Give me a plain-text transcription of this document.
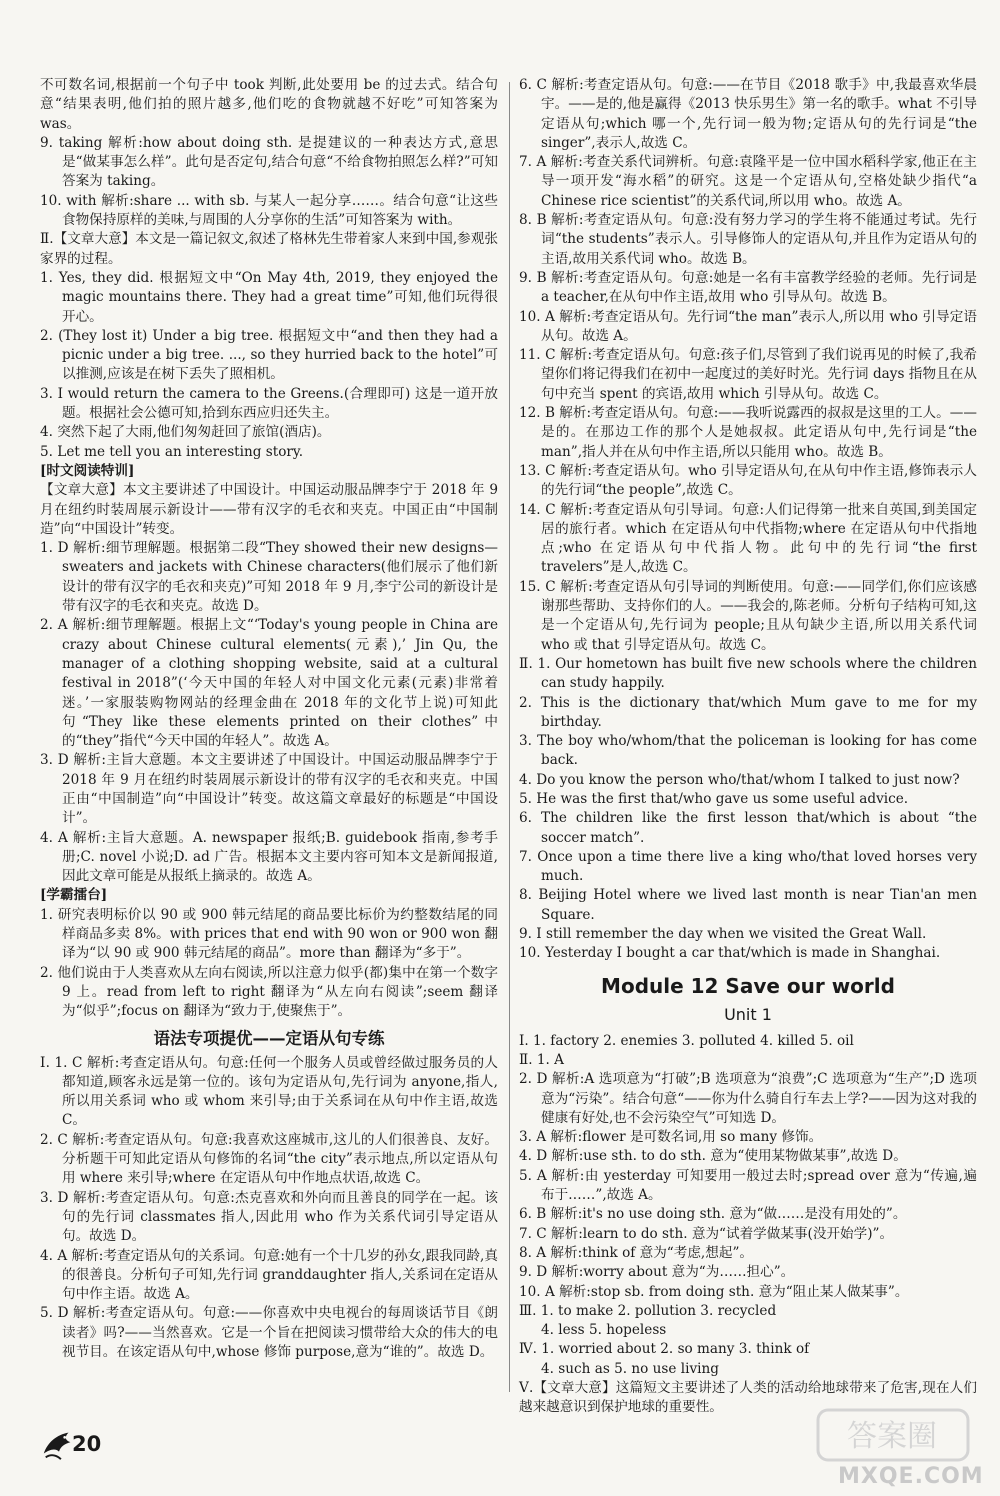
不可数名词,根据前一个句子中 took 判断,此处要用 be 的过去式。结合句意“结果表明,他们拍的照片越多,他们吃的食物就越不好吃”可知答案为 was。
9. taking 解析:how about doing sth. 是提建议的一种表达方式,意思是“做某事怎么样”。此句是否定句,结合句意“不给食物拍照怎么样?”可知答案为 taking。
10. with 解析:share ... with sb. 与某人一起分享……。结合句意“让这些食物保持原样的美味,与周围的人分享你的生活”可知答案为 with。
Ⅱ.【文章大意】本文是一篇记叙文,叙述了格林先生带着家人来到中国,参观张家界的过程。
1. Yes, they did. 根据短文中“On May 4th, 2019, they enjoyed the magic mountains there. They had a great time”可知,他们玩得很开心。
2. (They lost it) Under a big tree. 根据短文中“and then they had a picnic under a big tree. ..., so they hurried back to the hotel”可以推测,应该是在树下丢失了照相机。
3. I would return the camera to the Greens.(合理即可) 这是一道开放题。根据社会公德可知,拾到东西应归还失主。
4. 突然下起了大雨,他们匆匆赶回了旅馆(酒店)。
5. Let me tell you an interesting story.
[时文阅读特训]
【文章大意】本文主要讲述了中国设计。中国运动服品牌李宁于 2018 年 9 月在纽约时装周展示新设计——带有汉字的毛衣和夹克。中国正由“中国制造”向“中国设计”转变。
1. D 解析:细节理解题。根据第二段“They showed their new designs—sweaters and jackets with Chinese characters(他们展示了他们新设计的带有汉字的毛衣和夹克)”可知 2018 年 9 月,李宁公司的新设计是带有汉字的毛衣和夹克。故选 D。
2. A 解析:细节理解题。根据上文“‘Today's young people in China are crazy about Chinese cultural elements(元素),’ Jin Qu, the manager of a clothing shopping website, said at a cultural festival in 2018”(‘今天中国的年轻人对中国文化元素(元素)非常着迷。’一家服装购物网站的经理金曲在 2018 年的文化节上说)可知此句“They like these elements printed on their clothes”中的“they”指代“今天中国的年轻人”。故选 A。
3. D 解析:主旨大意题。本文主要讲述了中国设计。中国运动服品牌李宁于 2018 年 9 月在纽约时装周展示新设计的带有汉字的毛衣和夹克。中国正由“中国制造”向“中国设计”转变。故这篇文章最好的标题是“中国设计”。
4. A 解析:主旨大意题。A. newspaper 报纸;B. guidebook 指南,参考手册;C. novel 小说;D. ad 广告。根据本文主要内容可知本文是新闻报道,因此文章可能是从报纸上摘录的。故选 A。
[学霸擂台]
1. 研究表明标价以 90 或 900 韩元结尾的商品要比标价为约整数结尾的同样商品多卖 8%。with prices that end with 90 won or 900 won 翻译为“以 90 或 900 韩元结尾的商品”。more than 翻译为“多于”。
2. 他们说由于人类喜欢从左向右阅读,所以注意力似乎(都)集中在第一个数字 9 上。read from left to right 翻译为“从左向右阅读”;seem 翻译为“似乎”;focus on 翻译为“致力于,使聚焦于”。
语法专项提优——定语从句专练
Ⅰ. 1. C 解析:考查定语从句。句意:任何一个服务人员或曾经做过服务员的人都知道,顾客永远是第一位的。该句为定语从句,先行词为 anyone,指人,所以用关系词 who 或 whom 来引导;由于关系词在从句中作主语,故选 C。
2. C 解析:考查定语从句。句意:我喜欢这座城市,这儿的人们很善良、友好。分析题干可知此定语从句修饰的名词“the city”表示地点,所以定语从句用 where 来引导;where 在定语从句中作地点状语,故选 C。
3. D 解析:考查定语从句。句意:杰克喜欢和外向而且善良的同学在一起。该句的先行词 classmates 指人,因此用 who 作为关系代词引导定语从句。故选 D。
4. A 解析:考查定语从句的关系词。句意:她有一个十几岁的孙女,跟我同龄,真的很善良。分析句子可知,先行词 granddaughter 指人,关系词在定语从句中作主语。故选 A。
5. D 解析:考查定语从句。句意:——你喜欢中央电视台的每周谈话节目《朗读者》吗?——当然喜欢。它是一个旨在把阅读习惯带给大众的伟大的电视节目。在该定语从句中,whose 修饰 purpose,意为“谁的”。故选 D。
6. C 解析:考查定语从句。句意:——在节目《2018 歌手》中,我最喜欢华晨宇。——是的,他是赢得《2013 快乐男生》第一名的歌手。what 不引导定语从句;which 哪一个,先行词一般为物;定语从句的先行词是“the singer”,表示人,故选 C。
7. A 解析:考查关系代词辨析。句意:袁隆平是一位中国水稻科学家,他正在主导一项开发“海水稻”的研究。这是一个定语从句,空格处缺少指代“a Chinese rice scientist”的关系代词,所以用 who。故选 A。
8. B 解析:考查定语从句。句意:没有努力学习的学生将不能通过考试。先行词“the students”表示人。引导修饰人的定语从句,并且作为定语从句的主语,故用关系代词 who。故选 B。
9. B 解析:考查定语从句。句意:她是一名有丰富教学经验的老师。先行词是 a teacher,在从句中作主语,故用 who 引导从句。故选 B。
10. A 解析:考查定语从句。先行词“the man”表示人,所以用 who 引导定语从句。故选 A。
11. C 解析:考查定语从句。句意:孩子们,尽管到了我们说再见的时候了,我希望你们将记得我们在初中一起度过的美好时光。先行词 days 指物且在从句中充当 spent 的宾语,故用 which 引导从句。故选 C。
12. B 解析:考查定语从句。句意:——我听说露西的叔叔是这里的工人。——是的。在那边工作的那个人是她叔叔。此定语从句中,先行词是“the man”,指人并在从句中作主语,所以只能用 who。故选 B。
13. C 解析:考查定语从句。who 引导定语从句,在从句中作主语,修饰表示人的先行词“the people”,故选 C。
14. C 解析:考查定语从句引导词。句意:人们记得第一批来自英国,到美国定居的旅行者。which 在定语从句中代指物;where 在定语从句中代指地点;who 在定语从句中代指人物。此句中的先行词“the first travelers”是人,故选 C。
15. C 解析:考查定语从句引导词的判断使用。句意:——同学们,你们应该感谢那些帮助、支持你们的人。——我会的,陈老师。分析句子结构可知,这是一个定语从句,先行词为 people;且从句缺少主语,所以用关系代词 who 或 that 引导定语从句。故选 C。
Ⅱ. 1. Our hometown has built five new schools where the children can study happily.
2. This is the dictionary that/which Mum gave to me for my birthday.
3. The boy who/whom/that the policeman is looking for has come back.
4. Do you know the person who/that/whom I talked to just now?
5. He was the first that/who gave us some useful advice.
6. The children like the first lesson that/which is about “the soccer match”.
7. Once upon a time there live a king who/that loved horses very much.
8. Beijing Hotel where we lived last month is near Tian'an men Square.
9. I still remember the day when we visited the Great Wall.
10. Yesterday I bought a car that/which is made in Shanghai.
Module 12 Save our world
Unit 1
Ⅰ. 1. factory 2. enemies 3. polluted 4. killed 5. oil
Ⅱ. 1. A
2. D 解析:A 选项意为“打破”;B 选项意为“浪费”;C 选项意为“生产”;D 选项意为“污染”。结合句意“——你为什么骑自行车去上学?——因为这对我的健康有好处,也不会污染空气”可知选 D。
3. A 解析:flower 是可数名词,用 so many 修饰。
4. D 解析:use sth. to do sth. 意为“使用某物做某事”,故选 D。
5. A 解析:由 yesterday 可知要用一般过去时;spread over 意为“传遍,遍布于……”,故选 A。
6. B 解析:it's no use doing sth. 意为“做……是没有用处的”。
7. C 解析:learn to do sth. 意为“试着学做某事(没开始学)”。
8. A 解析:think of 意为“考虑,想起”。
9. D 解析:worry about 意为“为……担心”。
10. A 解析:stop sb. from doing sth. 意为“阻止某人做某事”。
Ⅲ. 1. to make 2. pollution 3. recycled
4. less 5. hopeless
Ⅳ. 1. worried about 2. so many 3. think of
4. such as 5. no use living
Ⅴ.【文章大意】这篇短文主要讲述了人类的活动给地球带来了危害,现在人们越来越意识到保护地球的重要性。
20	答案圈
MXQE.COM
